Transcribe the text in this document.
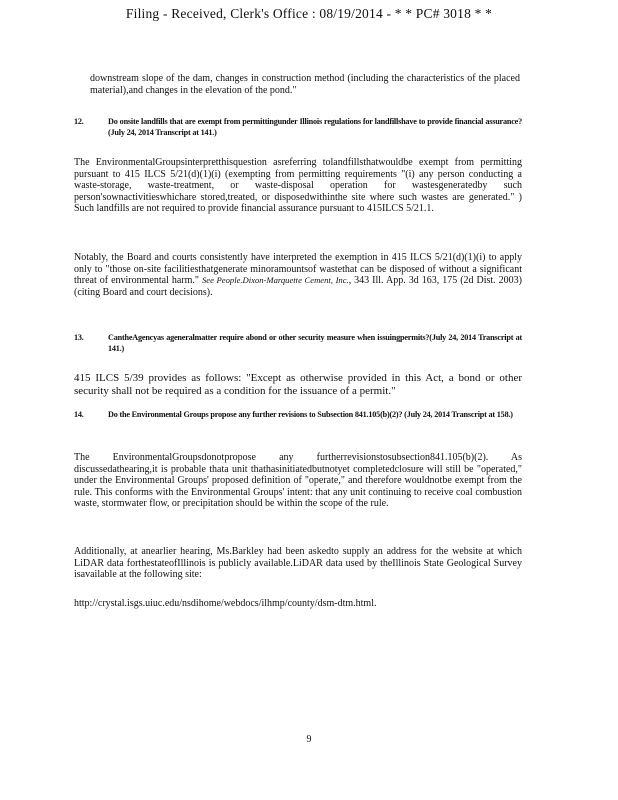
Filing - Received, Clerk's Office : 08/19/2014 - * * PC# 3018 * *
downstream slope of the dam, changes in construction method (including the characteristics of the placed material),and changes in the elevation of the pond."
12.	Do onsite landfills that are exempt from permittingunder Illinois regulations for landfillshave to provide financial assurance?(July 24, 2014 Transcript at 141.)
The EnvironmentalGroupsinterpretthisquestion asreferring tolandfillsthatwouldbe exempt from permitting pursuant to 415 ILCS 5/21(d)(1)(i) (exempting from permitting requirements "(i) any person conducting a waste-storage, waste-treatment, or waste-disposal operation for wastesgeneratedby such person'sownactivitieswhichare stored,treated, or disposedwithinthe site where such wastes are generated." ) Such landfills are not required to provide financial assurance pursuant to 415ILCS 5/21.1.
Notably, the Board and courts consistently have interpreted the exemption in 415 ILCS 5/21(d)(1)(i) to apply only to "those on-site facilitiesthatgenerate minoramountsof wastethat can be disposed of without a significant threat of environmental harm." See People.Dixon-Marquette Cement, Inc., 343 Ill. App. 3d 163, 175 (2d Dist. 2003) (citing Board and court decisions).
13.	CantheAgencyas ageneralmatter require abond or other security measure when issuingpermits?(July 24, 2014 Transcript at 141.)
415 ILCS 5/39 provides as follows: "Except as otherwise provided in this Act, a bond or other security shall not be required as a condition for the issuance of a permit."
14.	Do the Environmental Groups propose any further revisions to Subsection 841.105(b)(2)? (July 24, 2014 Transcript at 158.)
The EnvironmentalGroupsdonotpropose any furtherrevisionstosubsection841.105(b)(2). As discussedathearing,it is probable thata unit thathasinitiatedbutnotyet completedclosure will still be "operated," under the Environmental Groups' proposed definition of "operate," and therefore wouldnotbe exempt from the rule. This conforms with the Environmental Groups' intent: that any unit continuing to receive coal combustion waste, stormwater flow, or precipitation should be within the scope of the rule.
Additionally, at anearlier hearing, Ms.Barkley had been askedto supply an address for the website at which LiDAR data forthestateofIllinois is publicly available.LiDAR data used by theIllinois State Geological Survey isavailable at the following site:
http://crystal.isgs.uiuc.edu/nsdihome/webdocs/ilhmp/county/dsm-dtm.html.
9
